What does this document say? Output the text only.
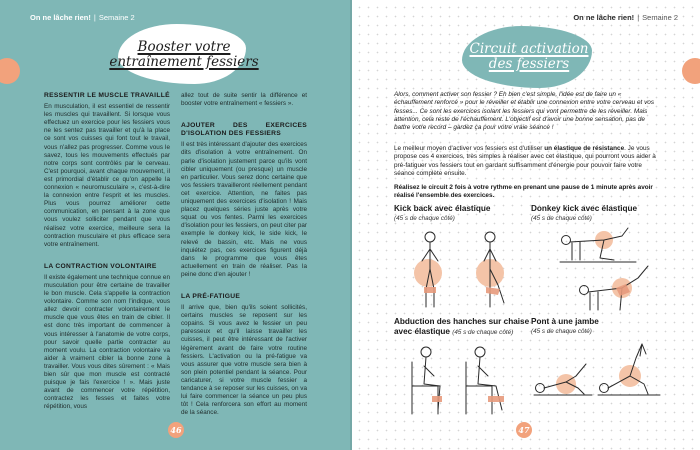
On ne lâche rien! | Semaine 2
Booster votre
entraînement fessiers
RESSENTIR LE MUSCLE TRAVAILLÉ

En musculation, il est essentiel de ressentir les muscles qui travaillent. Si lorsque vous effectuez un exercice pour les fessiers vous ne les sentez pas travailler et qu'à la place ce sont vos cuisses qui font tout le travail, vous n'allez pas progresser. Comme vous le savez, tous les mouvements effectués par notre corps sont contrôlés par le cerveau. C'est pourquoi, avant chaque mouvement, il est primordial d'établir ce qu'on appelle la connexion « neuromusculaire », c'est-à-dire la connexion entre l'esprit et les muscles. Plus vous pourrez améliorer cette communication, en pensant à la zone que vous voulez solliciter pendant que vous réalisez votre exercice, meilleure sera la contraction musculaire et plus efficace sera votre entraînement.

LA CONTRACTION VOLONTAIRE

Il existe également une technique connue en musculation pour être certaine de travailler le bon muscle. Cela s'appelle la contraction volontaire. Comme son nom l'indique, vous allez devoir contracter volontairement le muscle que vous êtes en train de cibler. Il est donc très important de commencer à vous intéresser à l'anatomie de votre corps, pour savoir quelle partie contracter au moment voulu. La contraction volontaire va aider à vraiment cibler la bonne zone à travailler. Vous vous dites sûrement : « Mais bien sûr que mon muscle est contracté puisque je fais l'exercice ! ». Mais juste avant de commencer votre répétition, contractez les fesses et faites votre répétition, vous

allez tout de suite sentir la différence et booster votre entraînement « fessiers ».

AJOUTER DES EXERCICES D'ISOLATION DES FESSIERS

Il est très intéressant d'ajouter des exercices dits d'isolation à votre entraînement. On parle d'isolation justement parce qu'ils vont cibler uniquement (ou presque) un muscle en particulier. Vous serez donc certaine que vos fessiers travailleront réellement pendant cet exercice. Attention, ne faites pas uniquement des exercices d'isolation ! Mais placez quelques séries juste après votre squat ou vos fentes. Parmi les exercices d'isolation pour les fessiers, on peut citer par exemple le donkey kick, le side kick, le relevé de bassin, etc. Mais ne vous inquiétez pas, ces exercices figurent déjà dans le programme que vous êtes actuellement en train de réaliser. Pas la peine donc d'en ajouter !

LA PRÉ-FATIGUE

Il arrive que, bien qu'ils soient sollicités, certains muscles se reposent sur les copains. Si vous avez le fessier un peu paresseux et qu'il laisse travailler les cuisses, il peut être intéressant de l'activer légèrement avant de faire votre routine fessiers. L'activation ou la pré-fatigue va vous assurer que votre muscle sera bien à son plein potentiel pendant la séance. Pour caricaturer, si votre muscle fessier a tendance à se reposer sur les cuisses, on va lui faire commencer la séance un peu plus tôt ! Cela renforcera son effort au moment de la séance.

46
On ne lâche rien! | Semaine 2
Circuit activation
des fessiers
Alors, comment activer son fessier ? Eh bien c'est simple, l'idée est de faire un « échauffement renforcé » pour le réveiller et établir une connexion entre votre cerveau et vos fesses... Ce sont les exercices isolant les fessiers qui vont permettre de les réveiller. Mais attention, cela reste de l'échauffement. L'objectif est d'avoir une bonne sensation, pas de battre votre record – gardez ça pour votre vraie séance !
Le meilleur moyen d'activer vos fessiers est d'utiliser un élastique de résistance. Je vous propose ces 4 exercices, très simples à réaliser avec cet élastique, qui pourront vous aider à pré-fatiguer vos fessiers tout en gardant suffisamment d'énergie pour pouvoir faire votre séance complète ensuite.
Réalisez le circuit 2 fois à votre rythme en prenant une pause de 1 minute après avoir réalisé l'ensemble des exercices.
Kick back avec élastique
(45 s de chaque côté)
Donkey kick avec élastique
(45 s de chaque côté)
Abduction des hanches sur chaise
avec élastique (45 s de chaque côté)
Pont à une jambe
(45 s de chaque côté)
47
